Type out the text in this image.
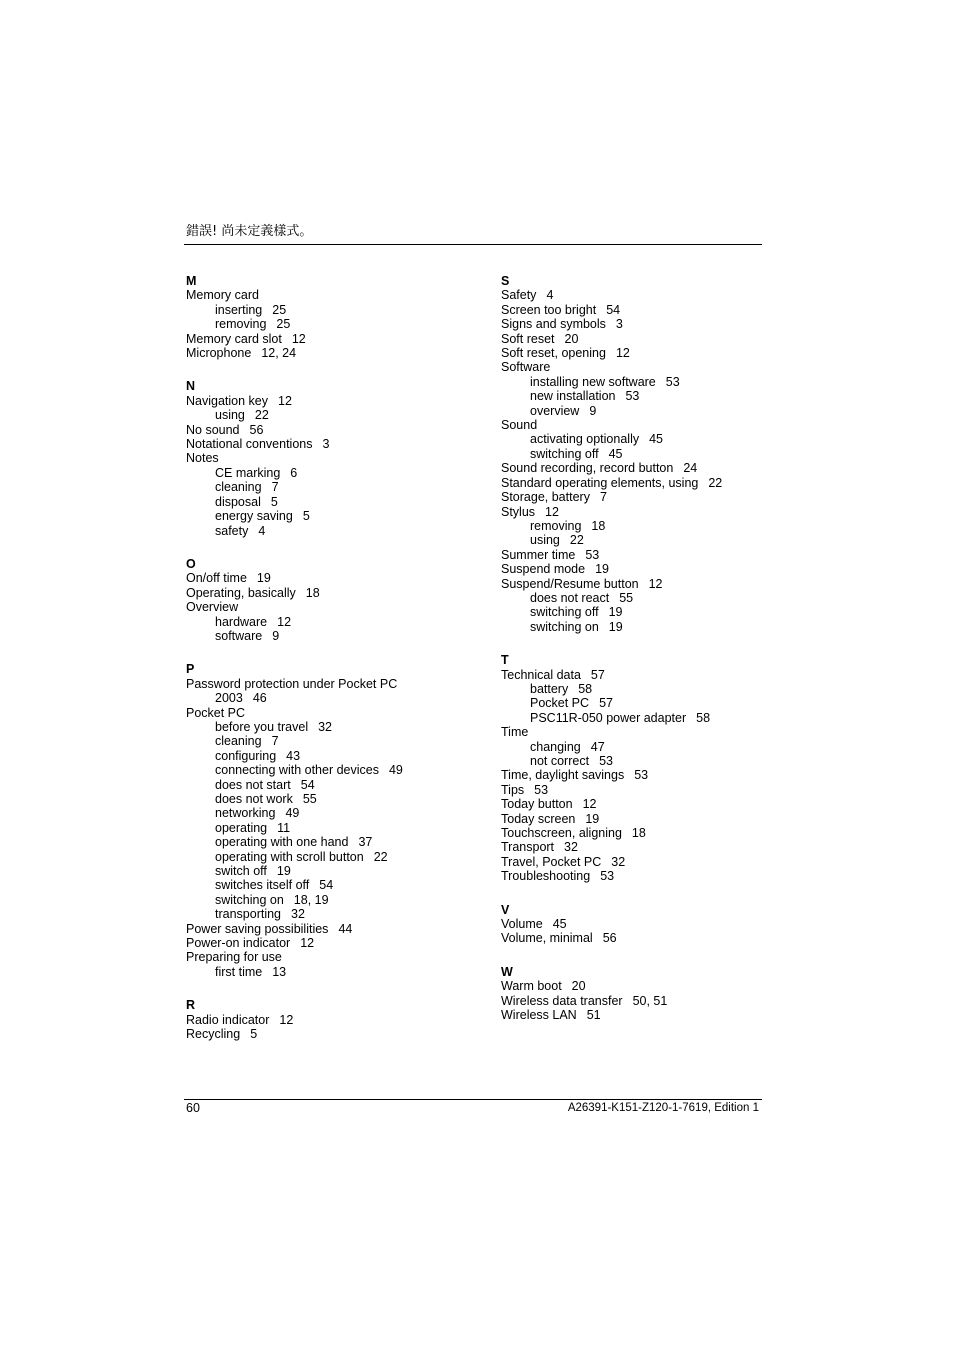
錯誤! 尚未定義樣式。
M
Memory card
inserting 25
removing 25
Memory card slot 12
Microphone 12, 24
N
Navigation key 12
using 22
No sound 56
Notational conventions 3
Notes
CE marking 6
cleaning 7
disposal 5
energy saving 5
safety 4
O
On/off time 19
Operating, basically 18
Overview
hardware 12
software 9
P
Password protection under Pocket PC
2003 46
Pocket PC
before you travel 32
cleaning 7
configuring 43
connecting with other devices 49
does not start 54
does not work 55
networking 49
operating 11
operating with one hand 37
operating with scroll button 22
switch off 19
switches itself off 54
switching on 18, 19
transporting 32
Power saving possibilities 44
Power-on indicator 12
Preparing for use
first time 13
R
Radio indicator 12
Recycling 5
S
Safety 4
Screen too bright 54
Signs and symbols 3
Soft reset 20
Soft reset, opening 12
Software
installing new software 53
new installation 53
overview 9
Sound
activating optionally 45
switching off 45
Sound recording, record button 24
Standard operating elements, using 22
Storage, battery 7
Stylus 12
removing 18
using 22
Summer time 53
Suspend mode 19
Suspend/Resume button 12
does not react 55
switching off 19
switching on 19
T
Technical data 57
battery 58
Pocket PC 57
PSC11R-050 power adapter 58
Time
changing 47
not correct 53
Time, daylight savings 53
Tips 53
Today button 12
Today screen 19
Touchscreen, aligning 18
Transport 32
Travel, Pocket PC 32
Troubleshooting 53
V
Volume 45
Volume, minimal 56
W
Warm boot 20
Wireless data transfer 50, 51
Wireless LAN 51
60	A26391-K151-Z120-1-7619, Edition 1
